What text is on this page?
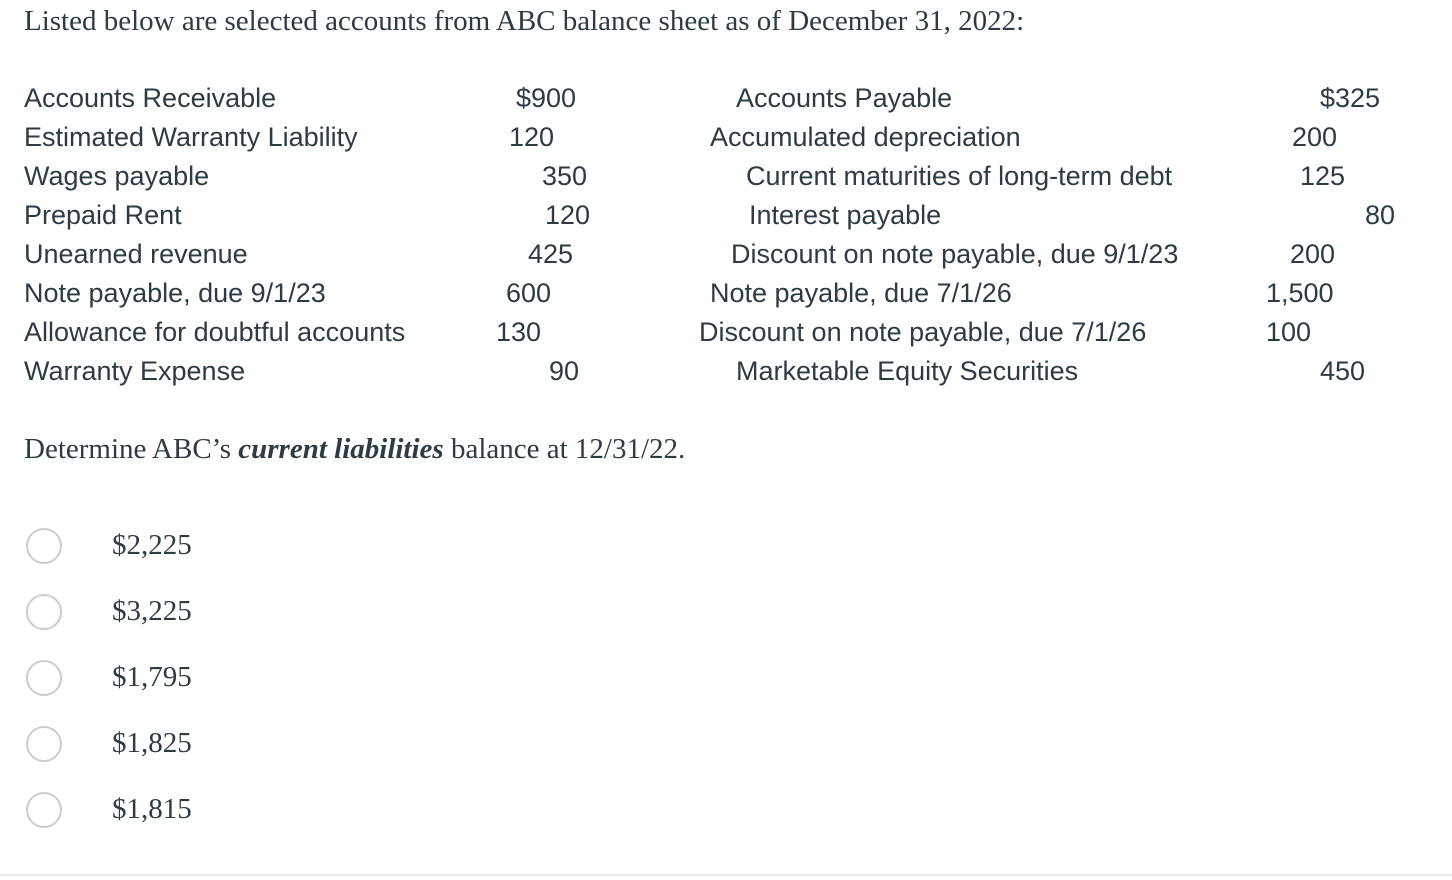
Listed below are selected accounts from ABC balance sheet as of December 31, 2022:
Accounts Receivable
Estimated Warranty Liability
Wages payable
Prepaid Rent
Unearned revenue
Note payable, due 9/1/23
Allowance for doubtful accounts
Warranty Expense
$900
120
350
120
425
600
130
90
Accounts Payable
Accumulated depreciation
Current maturities of long-term debt
Interest payable
Discount on note payable, due 9/1/23
Note payable, due 7/1/26
Discount on note payable, due 7/1/26
Marketable Equity Securities
$325
200
125
80
200
1,500
100
450
Determine ABC’s current liabilities balance at 12/31/22.
$2,225
$3,225
$1,795
$1,825
$1,815
